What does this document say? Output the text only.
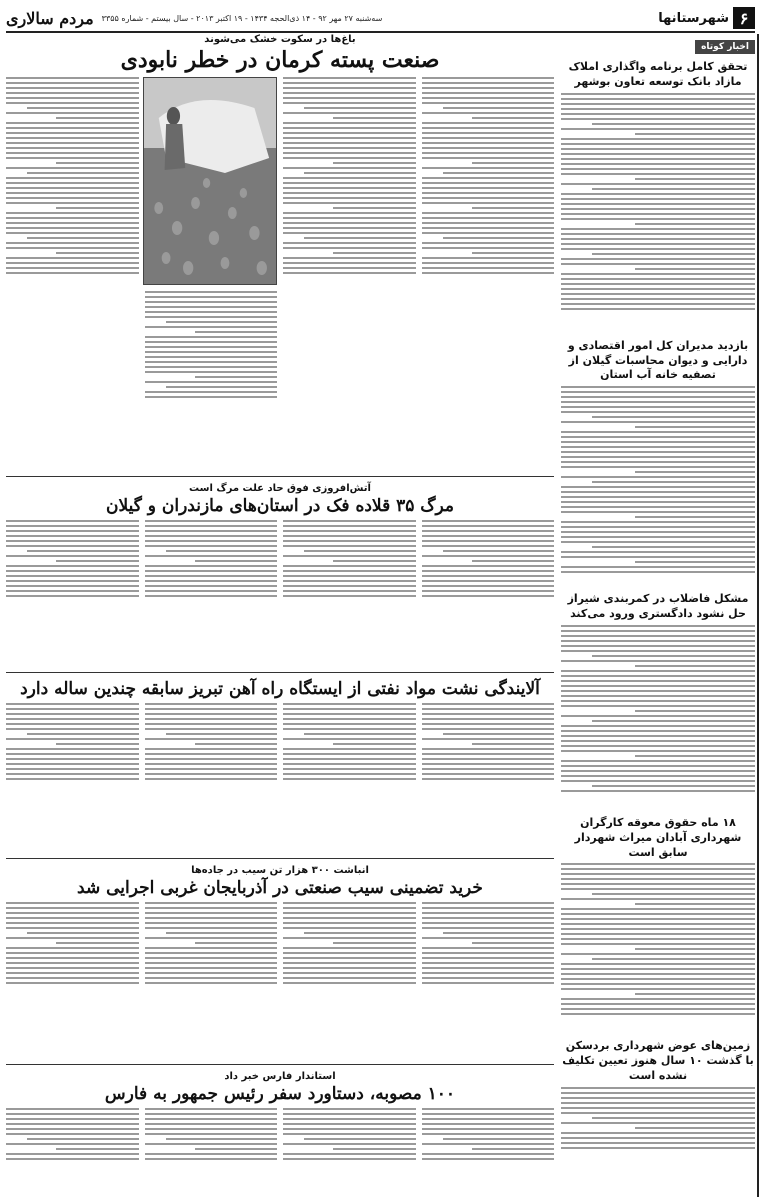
۶
شهرستانها
سه‌شنبه ۲۷ مهر ۹۲ - ۱۴ ذی‌الحجه ۱۴۳۴ - ۱۹ اکتبر ۲۰۱۳ - سال بیستم - شماره ۳۳۵۵
مردم سالاری

باغ‌ها در سکوت خشک می‌شوند

صنعت پسته کرمان در خطر نابودی

آتش‌افروزی فوق حاد علت مرگ است

مرگ ۳۵ قلاده فک در استان‌های مازندران و گیلان
آلایندگی نشت مواد نفتی از ایستگاه راه آهن تبریز سابقه چندین ساله دارد

انباشت ۳۰۰ هزار تن سیب در جاده‌ها

خرید تضمینی سیب صنعتی در آذربایجان غربی اجرایی شد

استاندار فارس خبر داد

۱۰۰ مصوبه، دستاورد سفر رئیس جمهور به فارس
اخبار کوتاه
تحقق کامل برنامه واگذاری املاک مازاد بانک توسعه تعاون بوشهر
بازدید مدیران کل امور اقتصادی و دارایی و دیوان محاسبات گیلان از تصفیه خانه آب استان
مشکل فاضلاب در کمربندی شیراز حل نشود دادگستری ورود می‌کند
۱۸ ماه حقوق معوقه کارگران شهرداری آبادان میراث شهردار سابق است
زمین‌های عوض شهرداری بردسکن با گذشت ۱۰ سال هنوز تعیین تکلیف نشده است
